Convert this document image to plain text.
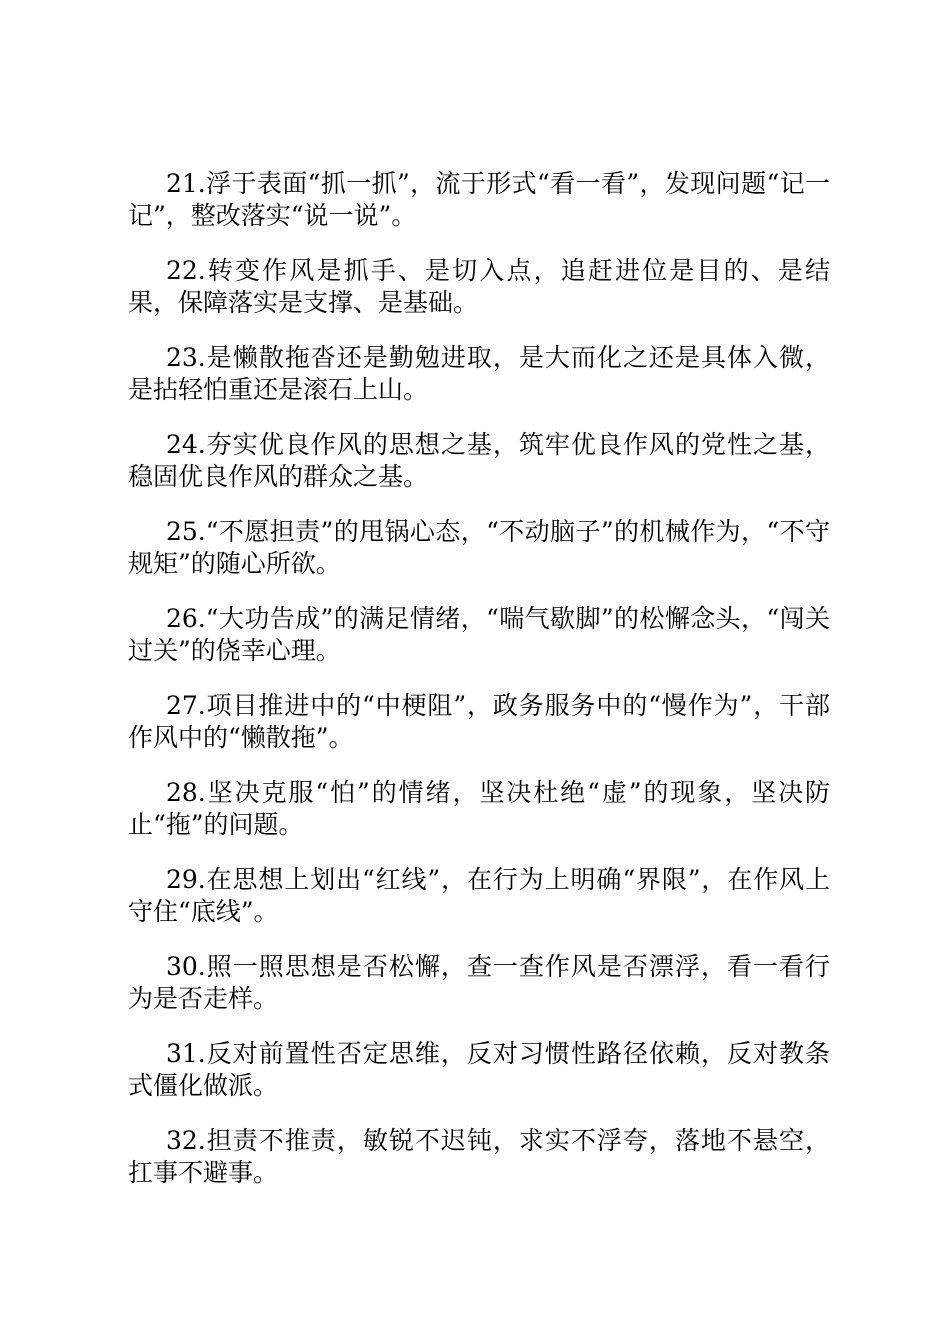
21.浮于表面“抓一抓”，流于形式“看一看”，发现问题“记一记”，整改落实“说一说”。

22.转变作风是抓手、是切入点，追赶进位是目的、是结果，保障落实是支撑、是基础。

23.是懒散拖沓还是勤勉进取，是大而化之还是具体入微，是拈轻怕重还是滚石上山。

24.夯实优良作风的思想之基，筑牢优良作风的党性之基，稳固优良作风的群众之基。

25.“不愿担责”的甩锅心态，“不动脑子”的机械作为，“不守规矩”的随心所欲。

26.“大功告成”的满足情绪，“喘气歇脚”的松懈念头，“闯关过关”的侥幸心理。

27.项目推进中的“中梗阻”，政务服务中的“慢作为”，干部作风中的“懒散拖”。

28.坚决克服“怕”的情绪，坚决杜绝“虚”的现象，坚决防止“拖”的问题。

29.在思想上划出“红线”，在行为上明确“界限”，在作风上守住“底线”。

30.照一照思想是否松懈，查一查作风是否漂浮，看一看行为是否走样。

31.反对前置性否定思维，反对习惯性路径依赖，反对教条式僵化做派。

32.担责不推责，敏锐不迟钝，求实不浮夸，落地不悬空，扛事不避事。
